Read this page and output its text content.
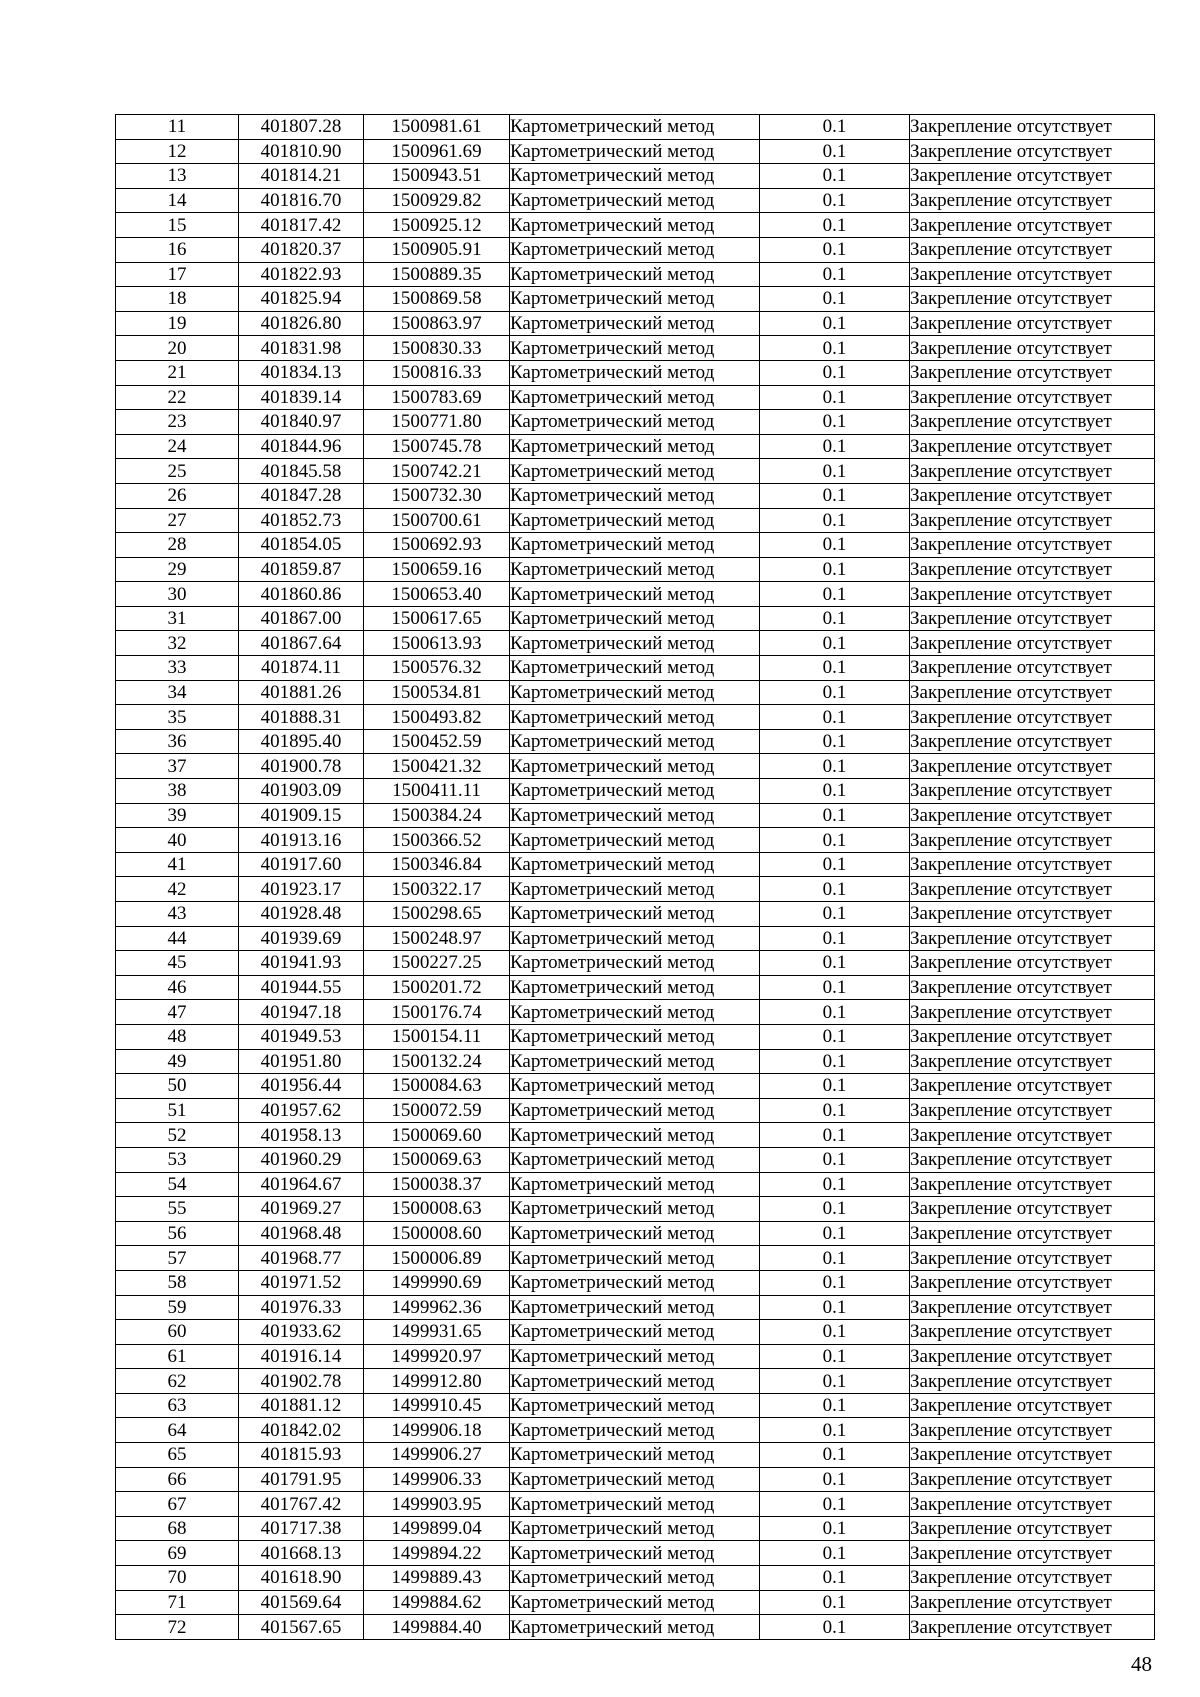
11	401807.28	1500981.61	Картометрический метод	0.1	Закрепление отсутствует
12	401810.90	1500961.69	Картометрический метод	0.1	Закрепление отсутствует
13	401814.21	1500943.51	Картометрический метод	0.1	Закрепление отсутствует
14	401816.70	1500929.82	Картометрический метод	0.1	Закрепление отсутствует
15	401817.42	1500925.12	Картометрический метод	0.1	Закрепление отсутствует
16	401820.37	1500905.91	Картометрический метод	0.1	Закрепление отсутствует
17	401822.93	1500889.35	Картометрический метод	0.1	Закрепление отсутствует
18	401825.94	1500869.58	Картометрический метод	0.1	Закрепление отсутствует
19	401826.80	1500863.97	Картометрический метод	0.1	Закрепление отсутствует
20	401831.98	1500830.33	Картометрический метод	0.1	Закрепление отсутствует
21	401834.13	1500816.33	Картометрический метод	0.1	Закрепление отсутствует
22	401839.14	1500783.69	Картометрический метод	0.1	Закрепление отсутствует
23	401840.97	1500771.80	Картометрический метод	0.1	Закрепление отсутствует
24	401844.96	1500745.78	Картометрический метод	0.1	Закрепление отсутствует
25	401845.58	1500742.21	Картометрический метод	0.1	Закрепление отсутствует
26	401847.28	1500732.30	Картометрический метод	0.1	Закрепление отсутствует
27	401852.73	1500700.61	Картометрический метод	0.1	Закрепление отсутствует
28	401854.05	1500692.93	Картометрический метод	0.1	Закрепление отсутствует
29	401859.87	1500659.16	Картометрический метод	0.1	Закрепление отсутствует
30	401860.86	1500653.40	Картометрический метод	0.1	Закрепление отсутствует
31	401867.00	1500617.65	Картометрический метод	0.1	Закрепление отсутствует
32	401867.64	1500613.93	Картометрический метод	0.1	Закрепление отсутствует
33	401874.11	1500576.32	Картометрический метод	0.1	Закрепление отсутствует
34	401881.26	1500534.81	Картометрический метод	0.1	Закрепление отсутствует
35	401888.31	1500493.82	Картометрический метод	0.1	Закрепление отсутствует
36	401895.40	1500452.59	Картометрический метод	0.1	Закрепление отсутствует
37	401900.78	1500421.32	Картометрический метод	0.1	Закрепление отсутствует
38	401903.09	1500411.11	Картометрический метод	0.1	Закрепление отсутствует
39	401909.15	1500384.24	Картометрический метод	0.1	Закрепление отсутствует
40	401913.16	1500366.52	Картометрический метод	0.1	Закрепление отсутствует
41	401917.60	1500346.84	Картометрический метод	0.1	Закрепление отсутствует
42	401923.17	1500322.17	Картометрический метод	0.1	Закрепление отсутствует
43	401928.48	1500298.65	Картометрический метод	0.1	Закрепление отсутствует
44	401939.69	1500248.97	Картометрический метод	0.1	Закрепление отсутствует
45	401941.93	1500227.25	Картометрический метод	0.1	Закрепление отсутствует
46	401944.55	1500201.72	Картометрический метод	0.1	Закрепление отсутствует
47	401947.18	1500176.74	Картометрический метод	0.1	Закрепление отсутствует
48	401949.53	1500154.11	Картометрический метод	0.1	Закрепление отсутствует
49	401951.80	1500132.24	Картометрический метод	0.1	Закрепление отсутствует
50	401956.44	1500084.63	Картометрический метод	0.1	Закрепление отсутствует
51	401957.62	1500072.59	Картометрический метод	0.1	Закрепление отсутствует
52	401958.13	1500069.60	Картометрический метод	0.1	Закрепление отсутствует
53	401960.29	1500069.63	Картометрический метод	0.1	Закрепление отсутствует
54	401964.67	1500038.37	Картометрический метод	0.1	Закрепление отсутствует
55	401969.27	1500008.63	Картометрический метод	0.1	Закрепление отсутствует
56	401968.48	1500008.60	Картометрический метод	0.1	Закрепление отсутствует
57	401968.77	1500006.89	Картометрический метод	0.1	Закрепление отсутствует
58	401971.52	1499990.69	Картометрический метод	0.1	Закрепление отсутствует
59	401976.33	1499962.36	Картометрический метод	0.1	Закрепление отсутствует
60	401933.62	1499931.65	Картометрический метод	0.1	Закрепление отсутствует
61	401916.14	1499920.97	Картометрический метод	0.1	Закрепление отсутствует
62	401902.78	1499912.80	Картометрический метод	0.1	Закрепление отсутствует
63	401881.12	1499910.45	Картометрический метод	0.1	Закрепление отсутствует
64	401842.02	1499906.18	Картометрический метод	0.1	Закрепление отсутствует
65	401815.93	1499906.27	Картометрический метод	0.1	Закрепление отсутствует
66	401791.95	1499906.33	Картометрический метод	0.1	Закрепление отсутствует
67	401767.42	1499903.95	Картометрический метод	0.1	Закрепление отсутствует
68	401717.38	1499899.04	Картометрический метод	0.1	Закрепление отсутствует
69	401668.13	1499894.22	Картометрический метод	0.1	Закрепление отсутствует
70	401618.90	1499889.43	Картометрический метод	0.1	Закрепление отсутствует
71	401569.64	1499884.62	Картометрический метод	0.1	Закрепление отсутствует
72	401567.65	1499884.40	Картометрический метод	0.1	Закрепление отсутствует
48
